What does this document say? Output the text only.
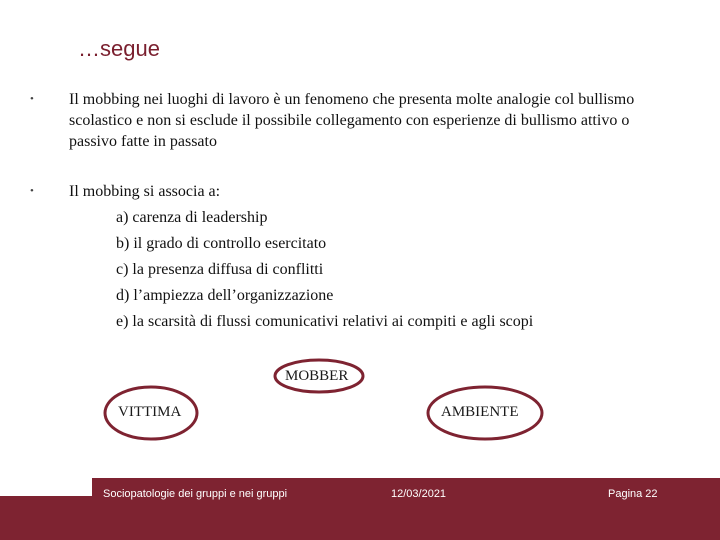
…segue
• Il mobbing nei luoghi di lavoro è un fenomeno che presenta molte analogie col bullismo scolastico e non si esclude il possibile collegamento con esperienze di bullismo attivo o passivo fatte in passato
• Il mobbing si associa a:
a) carenza di leadership
b) il grado di controllo esercitato
c) la presenza diffusa di conflitti
d) l’ampiezza dell’organizzazione
e) la scarsità di flussi comunicativi relativi ai compiti e agli scopi
MOBBER
VITTIMA	AMBIENTE
Sociopatologie dei gruppi e nei gruppi	12/03/2021	Pagina 22
